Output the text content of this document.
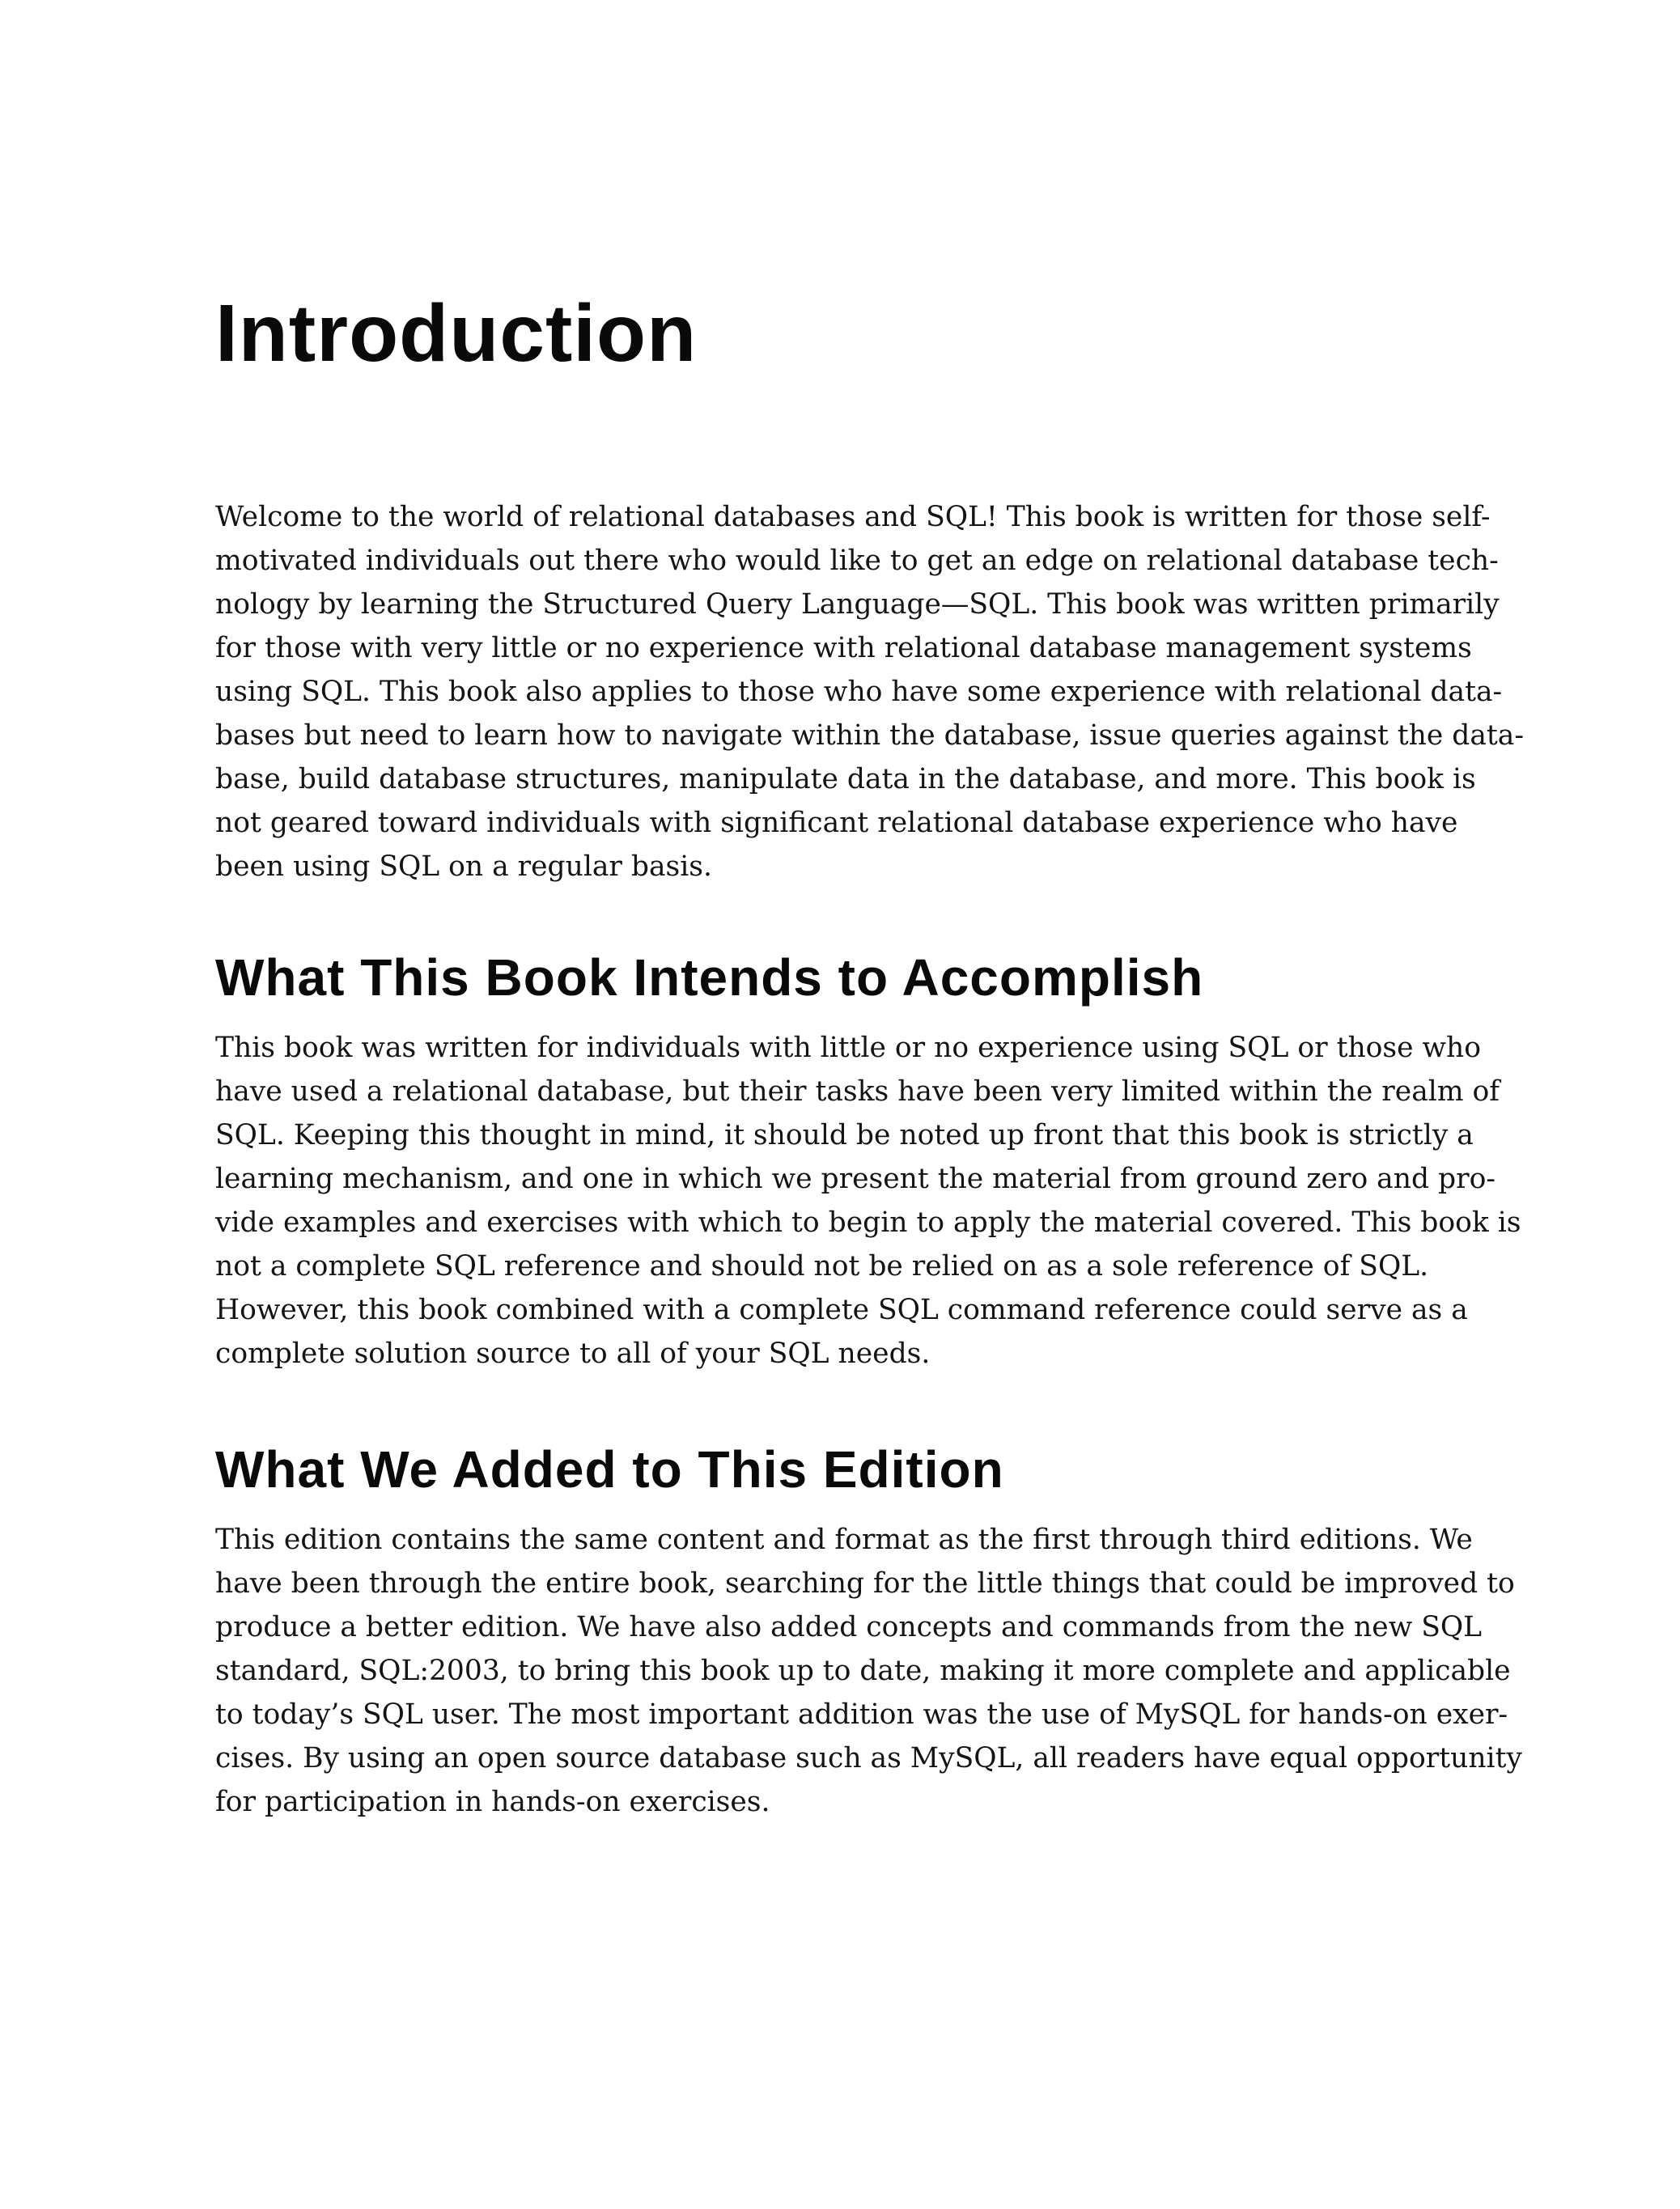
Introduction
Welcome to the world of relational databases and SQL! This book is written for those self-
motivated individuals out there who would like to get an edge on relational database tech-
nology by learning the Structured Query Language—SQL. This book was written primarily
for those with very little or no experience with relational database management systems
using SQL. This book also applies to those who have some experience with relational data-
bases but need to learn how to navigate within the database, issue queries against the data-
base, build database structures, manipulate data in the database, and more. This book is
not geared toward individuals with significant relational database experience who have
been using SQL on a regular basis.
What This Book Intends to Accomplish
This book was written for individuals with little or no experience using SQL or those who
have used a relational database, but their tasks have been very limited within the realm of
SQL. Keeping this thought in mind, it should be noted up front that this book is strictly a
learning mechanism, and one in which we present the material from ground zero and pro-
vide examples and exercises with which to begin to apply the material covered. This book is
not a complete SQL reference and should not be relied on as a sole reference of SQL.
However, this book combined with a complete SQL command reference could serve as a
complete solution source to all of your SQL needs.
What We Added to This Edition
This edition contains the same content and format as the first through third editions. We
have been through the entire book, searching for the little things that could be improved to
produce a better edition. We have also added concepts and commands from the new SQL
standard, SQL:2003, to bring this book up to date, making it more complete and applicable
to today’s SQL user. The most important addition was the use of MySQL for hands-on exer-
cises. By using an open source database such as MySQL, all readers have equal opportunity
for participation in hands-on exercises.
